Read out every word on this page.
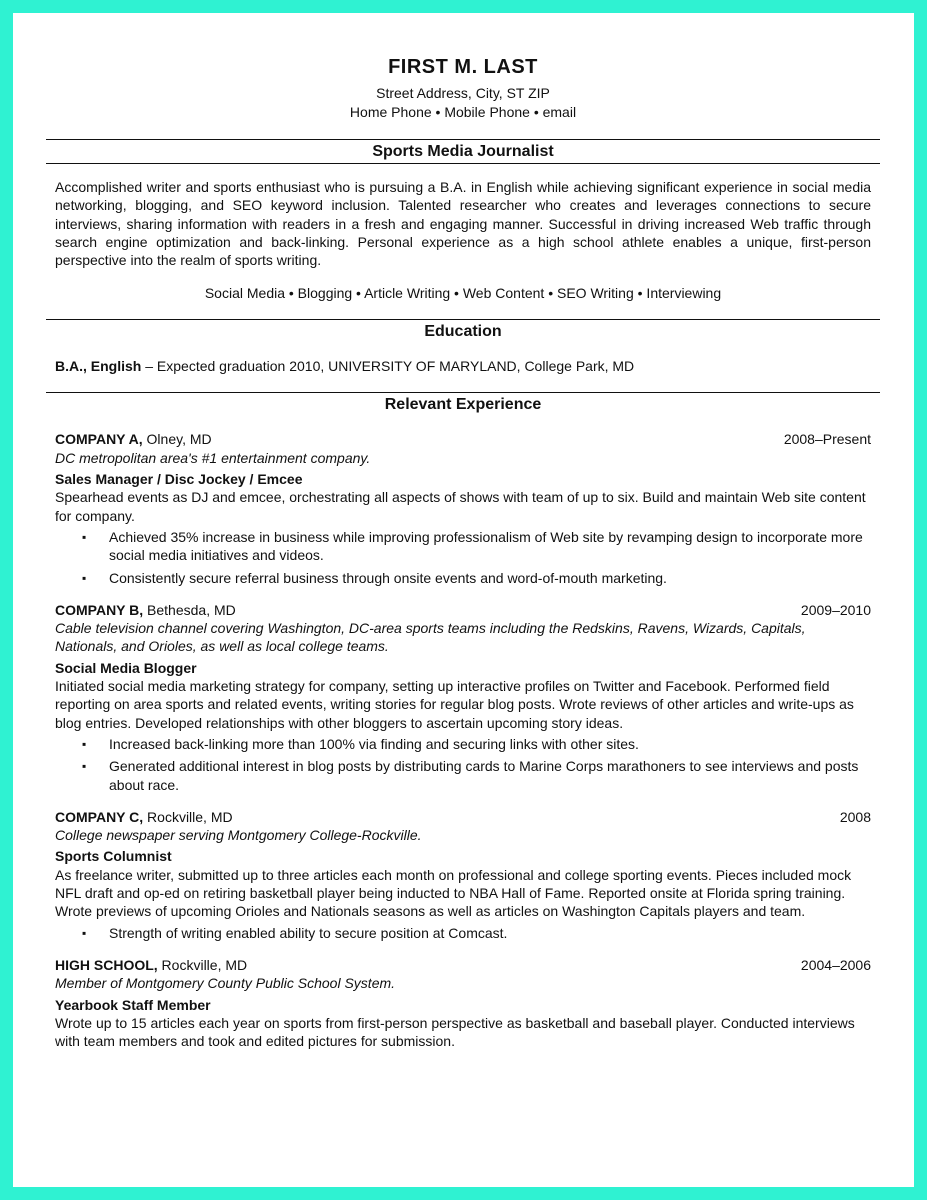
FIRST M. LAST
Street Address, City, ST ZIP
Home Phone • Mobile Phone • email
Sports Media Journalist
Accomplished writer and sports enthusiast who is pursuing a B.A. in English while achieving significant experience in social media networking, blogging, and SEO keyword inclusion. Talented researcher who creates and leverages connections to secure interviews, sharing information with readers in a fresh and engaging manner. Successful in driving increased Web traffic through search engine optimization and back-linking. Personal experience as a high school athlete enables a unique, first-person perspective into the realm of sports writing.
Social Media • Blogging • Article Writing • Web Content • SEO Writing • Interviewing
Education
B.A., English – Expected graduation 2010, UNIVERSITY OF MARYLAND, College Park, MD
Relevant Experience
COMPANY A, Olney, MD	2008–Present
DC metropolitan area's #1 entertainment company.
Sales Manager / Disc Jockey / Emcee
Spearhead events as DJ and emcee, orchestrating all aspects of shows with team of up to six. Build and maintain Web site content for company.
▪ Achieved 35% increase in business while improving professionalism of Web site by revamping design to incorporate more social media initiatives and videos.
▪ Consistently secure referral business through onsite events and word-of-mouth marketing.
COMPANY B, Bethesda, MD	2009–2010
Cable television channel covering Washington, DC-area sports teams including the Redskins, Ravens, Wizards, Capitals, Nationals, and Orioles, as well as local college teams.
Social Media Blogger
Initiated social media marketing strategy for company, setting up interactive profiles on Twitter and Facebook. Performed field reporting on area sports and related events, writing stories for regular blog posts. Wrote reviews of other articles and write-ups as blog entries. Developed relationships with other bloggers to ascertain upcoming story ideas.
▪ Increased back-linking more than 100% via finding and securing links with other sites.
▪ Generated additional interest in blog posts by distributing cards to Marine Corps marathoners to see interviews and posts about race.
COMPANY C, Rockville, MD	2008
College newspaper serving Montgomery College-Rockville.
Sports Columnist
As freelance writer, submitted up to three articles each month on professional and college sporting events. Pieces included mock NFL draft and op-ed on retiring basketball player being inducted to NBA Hall of Fame. Reported onsite at Florida spring training. Wrote previews of upcoming Orioles and Nationals seasons as well as articles on Washington Capitals players and team.
▪ Strength of writing enabled ability to secure position at Comcast.
HIGH SCHOOL, Rockville, MD	2004–2006
Member of Montgomery County Public School System.
Yearbook Staff Member
Wrote up to 15 articles each year on sports from first-person perspective as basketball and baseball player. Conducted interviews with team members and took and edited pictures for submission.
